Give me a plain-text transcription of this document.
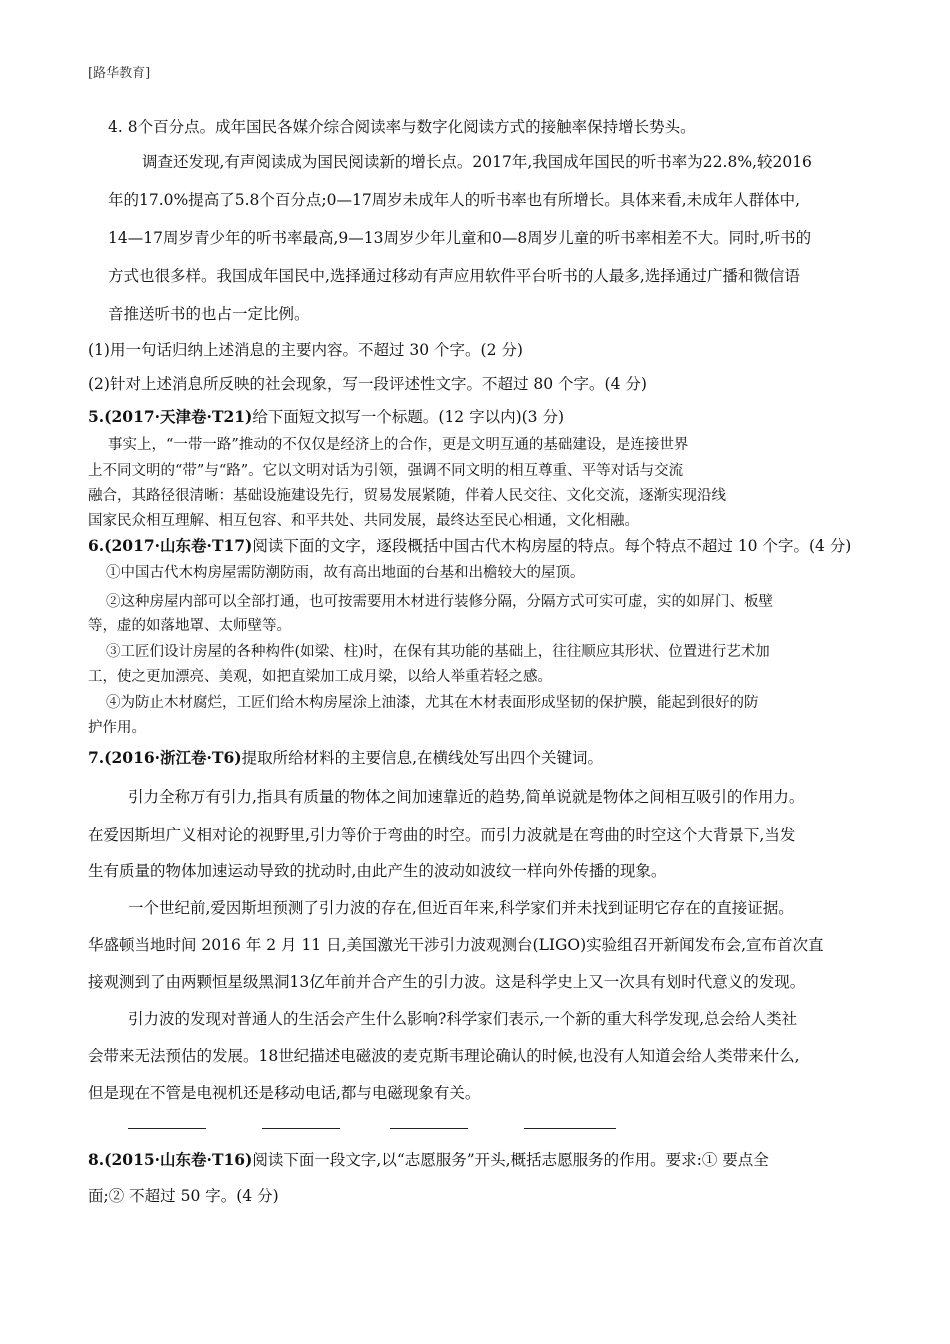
[路华教育]
4. 8个百分点。成年国民各媒介综合阅读率与数字化阅读方式的接触率保持增长势头。
调查还发现,有声阅读成为国民阅读新的增长点。2017年,我国成年国民的听书率为22.8%,较2016
年的17.0%提高了5.8个百分点;0—17周岁未成年人的听书率也有所增长。具体来看,未成年人群体中,
14—17周岁青少年的听书率最高,9—13周岁少年儿童和0—8周岁儿童的听书率相差不大。同时,听书的
方式也很多样。我国成年国民中,选择通过移动有声应用软件平台听书的人最多,选择通过广播和微信语
音推送听书的也占一定比例。
(1)用一句话归纳上述消息的主要内容。不超过 30 个字。(2 分)
(2)针对上述消息所反映的社会现象，写一段评述性文字。不超过 80 个字。(4 分)
5.(2017·天津卷·T21)给下面短文拟写一个标题。(12 字以内)(3 分)
事实上，“一带一路”推动的不仅仅是经济上的合作，更是文明互通的基础建设，是连接世界
上不同文明的“带”与“路”。它以文明对话为引领，强调不同文明的相互尊重、平等对话与交流
融合，其路径很清晰：基础设施建设先行，贸易发展紧随，伴着人民交往、文化交流，逐渐实现沿线
国家民众相互理解、相互包容、和平共处、共同发展，最终达至民心相通，文化相融。
6.(2017·山东卷·T17)阅读下面的文字，逐段概括中国古代木构房屋的特点。每个特点不超过 10 个字。(4 分)
①中国古代木构房屋需防潮防雨，故有高出地面的台基和出檐较大的屋顶。
②这种房屋内部可以全部打通，也可按需要用木材进行装修分隔，分隔方式可实可虚，实的如屏门、板壁
等，虚的如落地罩、太师壁等。
③工匠们设计房屋的各种构件(如梁、柱)时，在保有其功能的基础上，往往顺应其形状、位置进行艺术加
工，使之更加漂亮、美观，如把直梁加工成月梁，以给人举重若轻之感。
④为防止木材腐烂，工匠们给木构房屋涂上油漆，尤其在木材表面形成坚韧的保护膜，能起到很好的防
护作用。
7.(2016·浙江卷·T6)提取所给材料的主要信息,在横线处写出四个关键词。
引力全称万有引力,指具有质量的物体之间加速靠近的趋势,简单说就是物体之间相互吸引的作用力。
在爱因斯坦广义相对论的视野里,引力等价于弯曲的时空。而引力波就是在弯曲的时空这个大背景下,当发
生有质量的物体加速运动导致的扰动时,由此产生的波动如波纹一样向外传播的现象。
一个世纪前,爱因斯坦预测了引力波的存在,但近百年来,科学家们并未找到证明它存在的直接证据。
华盛顿当地时间 2016 年 2 月 11 日,美国激光干涉引力波观测台(LIGO)实验组召开新闻发布会,宣布首次直
接观测到了由两颗恒星级黑洞13亿年前并合产生的引力波。这是科学史上又一次具有划时代意义的发现。
引力波的发现对普通人的生活会产生什么影响?科学家们表示,一个新的重大科学发现,总会给人类社
会带来无法预估的发展。18世纪描述电磁波的麦克斯韦理论确认的时候,也没有人知道会给人类带来什么,
但是现在不管是电视机还是移动电话,都与电磁现象有关。
8.(2015·山东卷·T16)阅读下面一段文字,以“志愿服务”开头,概括志愿服务的作用。要求:① 要点全
面;② 不超过 50 字。(4 分)
